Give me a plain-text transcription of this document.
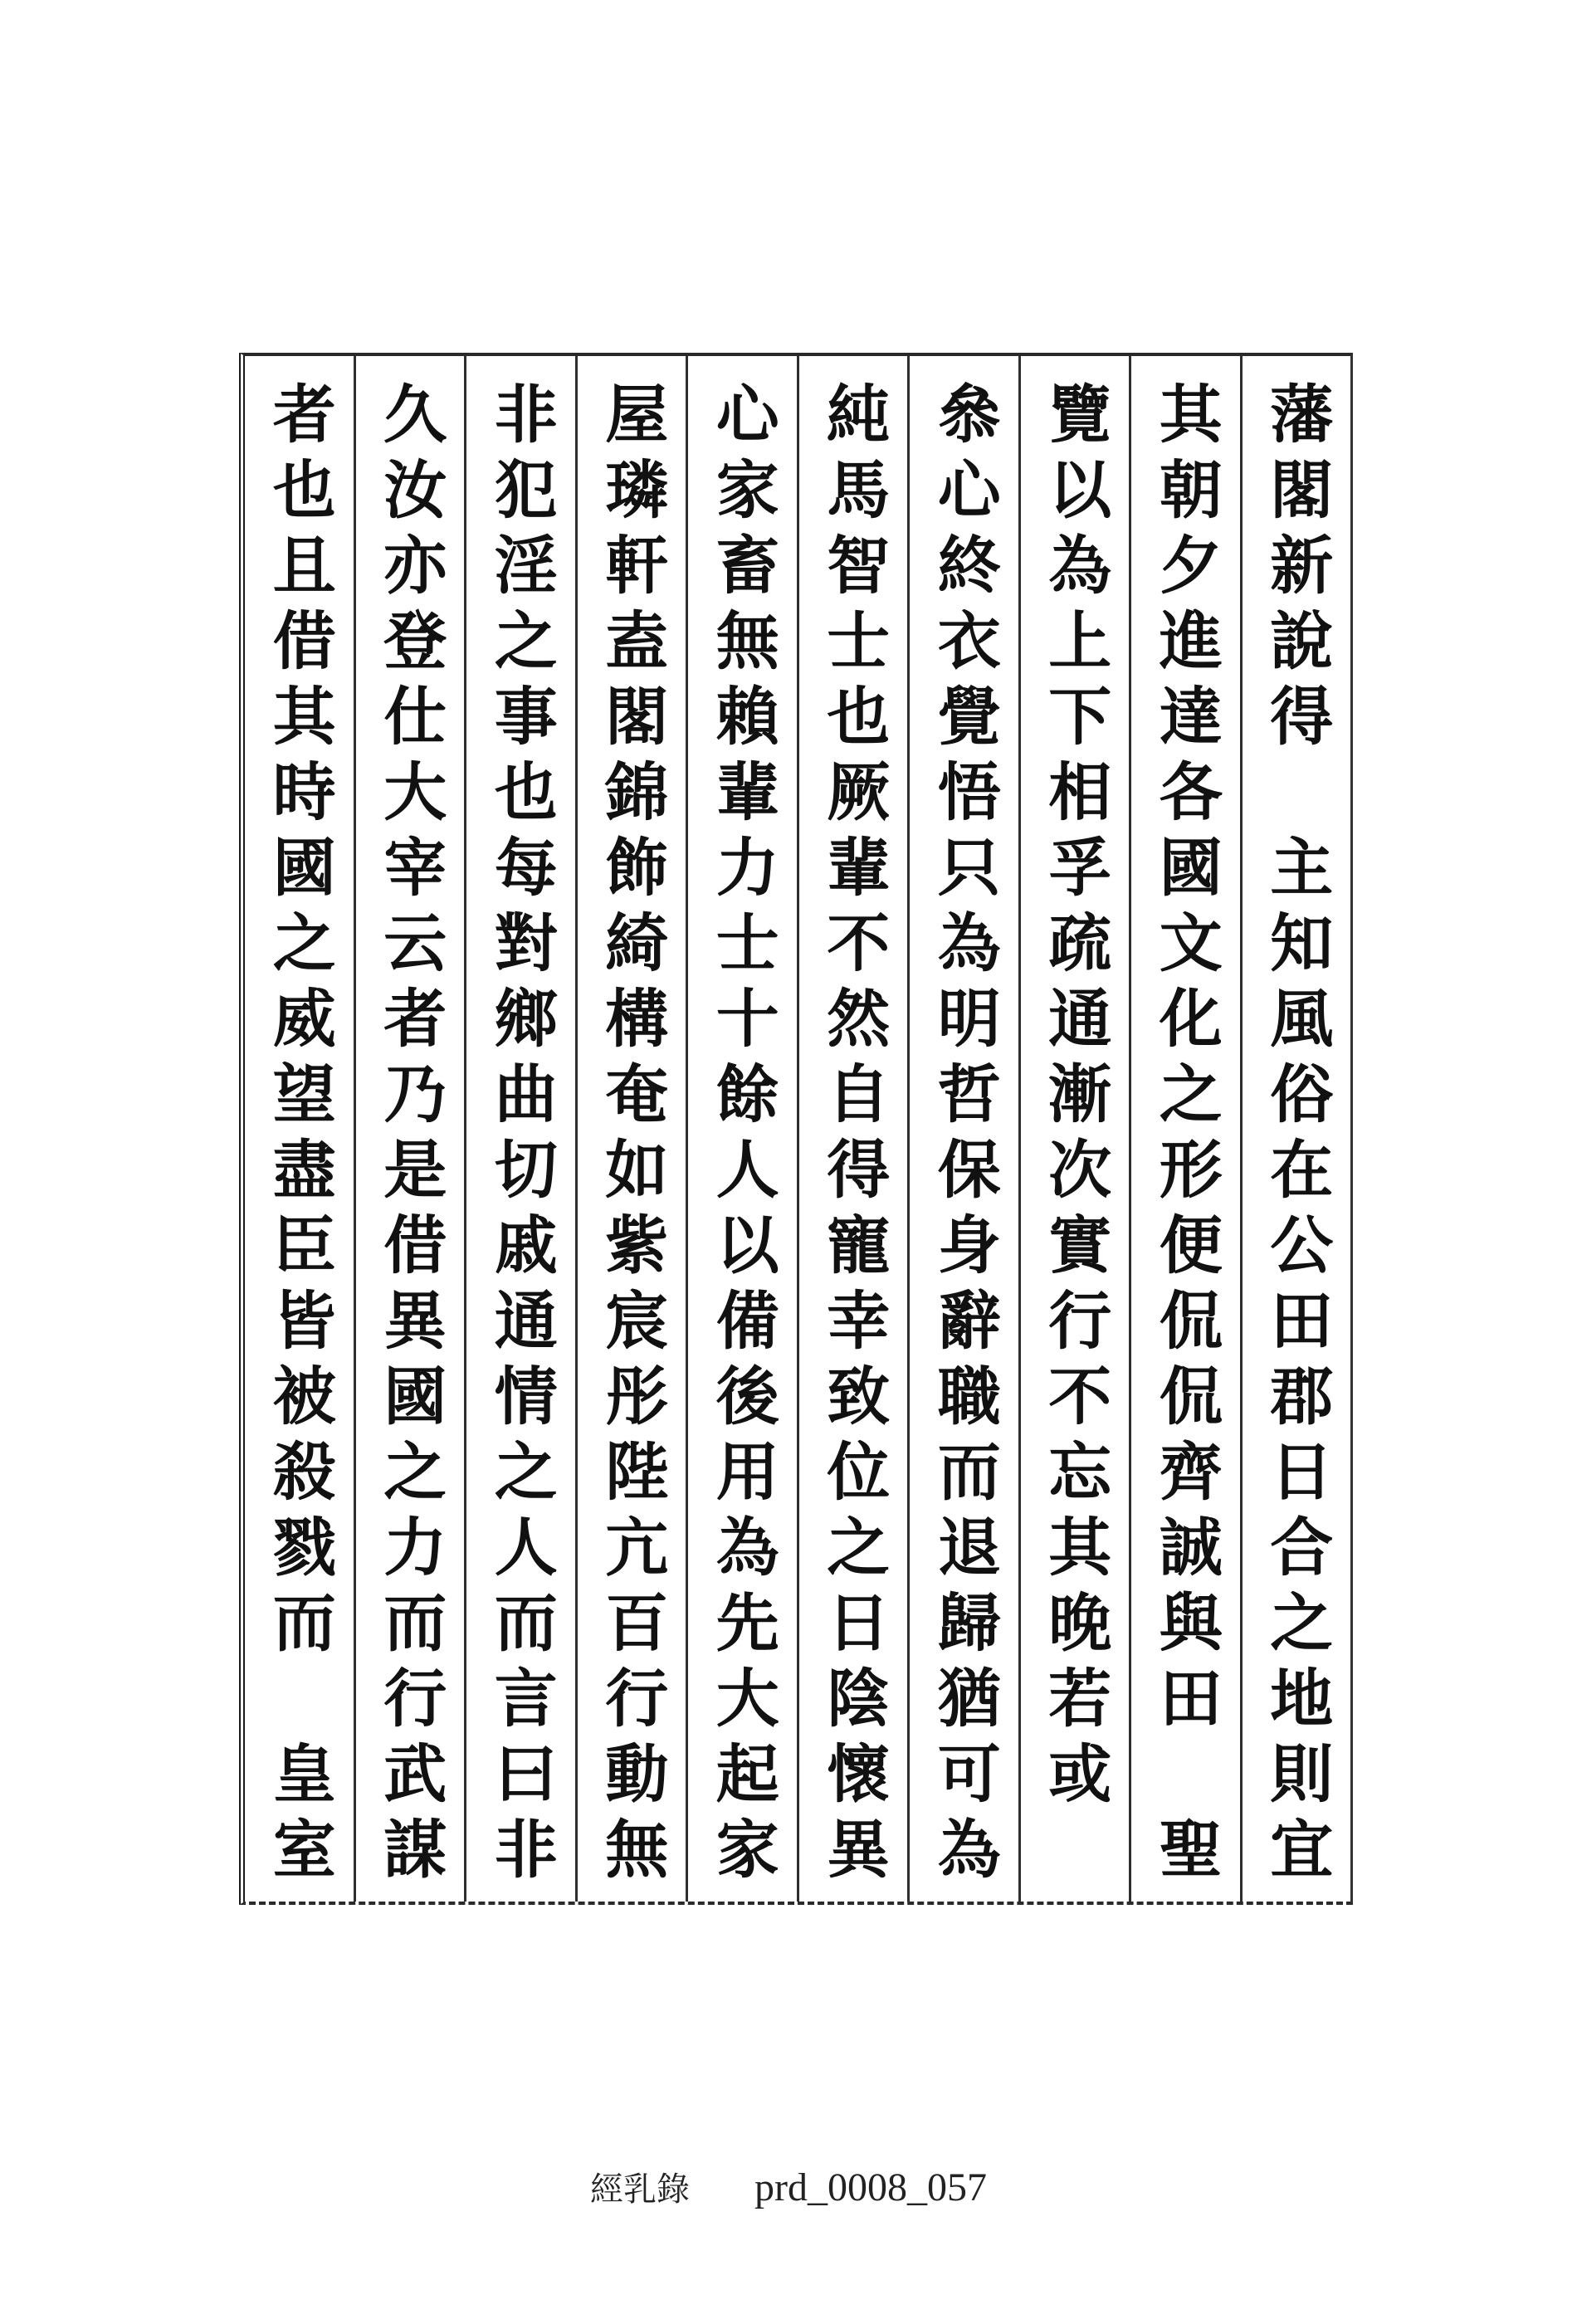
藩閣新說得　主知風俗在公田郡日合之地則宜
其朝夕進達各國文化之形便侃侃齊誠與田　聖
覽以為上下相孚疏通漸次實行不忘其晚若或
叅心終衣覺悟只為明哲保身辭職而退歸猶可為
純馬智士也厥輩不然自得寵幸致位之日陰懷異
心家畜無賴輩力士十餘人以備後用為先大起家
屋璘軒盍閣錦飾綺構奄如紫宸彤陛亢百行動無
非犯淫之事也每對鄉曲切戚通情之人而言曰非
久汝亦登仕大宰云者乃是借異國之力而行武謀
者也且借其時國之威望盡臣皆被殺戮而　皇室
經乳錄 prd_0008_057
